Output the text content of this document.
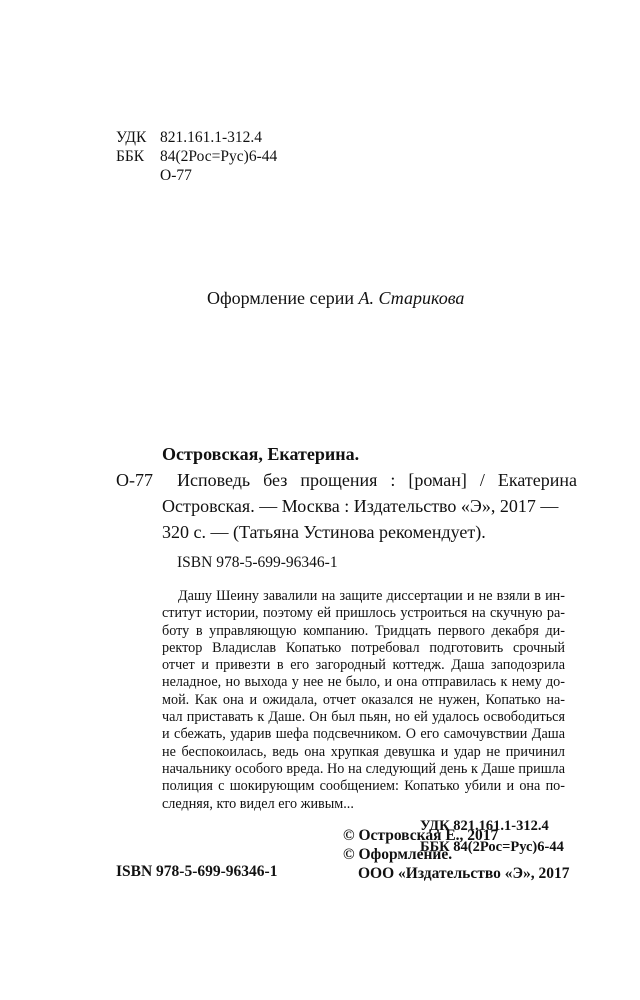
УДК 821.161.1-312.4
ББК 84(2Рос=Рус)6-44
О-77
Оформление серии А. Старикова
Островская, Екатерина.
О-77 Исповедь без прощения : [роман] / Екатерина
Островская. — Москва : Издательство «Э», 2017 —
320 с. — (Татьяна Устинова рекомендует).
ISBN 978-5-699-96346-1
Дашу Шеину завалили на защите диссертации и не взяли в ин-
ститут истории, поэтому ей пришлось устроиться на скучную ра-
боту в управляющую компанию. Тридцать первого декабря ди-
ректор Владислав Копатько потребовал подготовить срочный
отчет и привезти в его загородный коттедж. Даша заподозрила
неладное, но выхода у нее не было, и она отправилась к нему до-
мой. Как она и ожидала, отчет оказался не нужен, Копатько на-
чал приставать к Даше. Он был пьян, но ей удалось освободиться
и сбежать, ударив шефа подсвечником. О его самочувствии Даша
не беспокоилась, ведь она хрупкая девушка и удар не причинил
начальнику особого вреда. Но на следующий день к Даше пришла
полиция с шокирующим сообщением: Копатько убили и она по-
следняя, кто видел его живым...
УДК 821.161.1-312.4
ББК 84(2Рос=Рус)6-44
ISBN 978-5-699-96346-1
© Островская Е., 2017
© Оформление.
ООО «Издательство «Э», 2017
